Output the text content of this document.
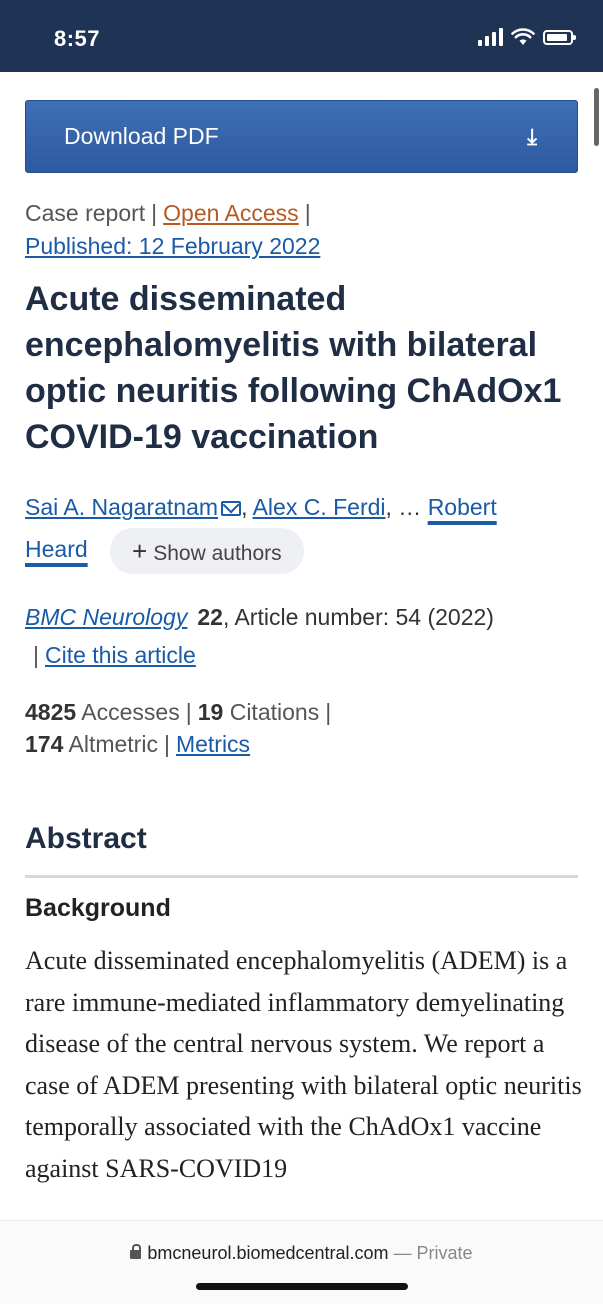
8:57
Download PDF	⤓
Case report | Open Access |
Published: 12 February 2022
Acute disseminated encephalomyelitis with bilateral optic neuritis following ChAdOx1 COVID-19 vaccination
Sai A. Nagaratnam , Alex C. Ferdi, … Robert
Heard + Show authors
BMC Neurology 22, Article number: 54 (2022)
| Cite this article
4825 Accesses | 19 Citations |
174 Altmetric | Metrics
Abstract
Background

Acute disseminated encephalomyelitis (ADEM) is a rare immune-mediated inflammatory demyelinating disease of the central nervous system. We report a case of ADEM presenting with bilateral optic neuritis temporally associated with the ChAdOx1 vaccine against SARS-COVID19

bmcneurol.biomedcentral.com — Private
